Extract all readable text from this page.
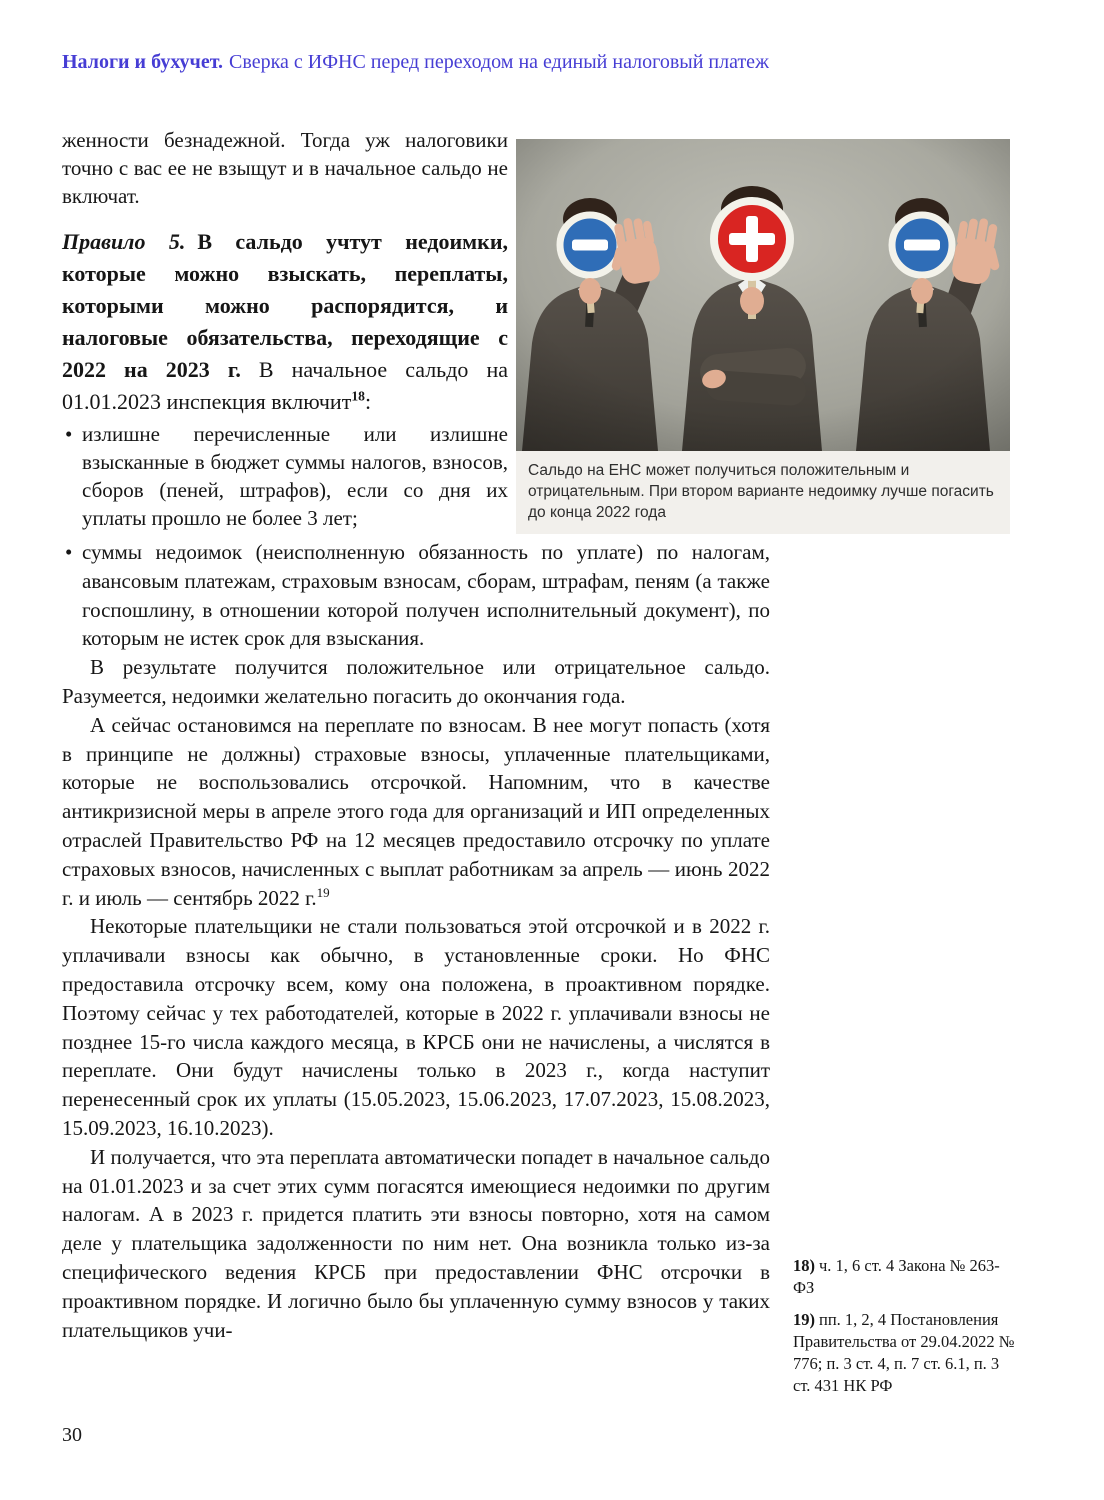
Налоги и бухучет. Сверка с ИФНС перед переходом на единый налоговый платеж

женности безнадежной. Тогда уж налоговики точно с вас ее не взыщут и в начальное сальдо не включат.

Правило 5. В сальдо учтут недоимки, которые можно взыскать, переплаты, которыми можно распорядится, и налоговые обязательства, переходящие с 2022 на 2023 г. В начальное сальдо на 01.01.2023 инспекция включит$^{18}$:

• излишне перечисленные или излишне взысканные в бюджет суммы налогов, взносов, сборов (пеней, штрафов), если со дня их уплаты прошло не более 3 лет;

Сальдо на ЕНС может получиться положительным и отрицательным. При втором варианте недоимку лучше погасить до конца 2022 года

• суммы недоимок (неисполненную обязанность по уплате) по налогам, авансовым платежам, страховым взносам, сборам, штрафам, пеням (а также госпошлину, в отношении которой получен исполнительный документ), по которым не истек срок для взыскания.

В результате получится положительное или отрицательное сальдо. Разумеется, недоимки желательно погасить до окончания года.

А сейчас остановимся на переплате по взносам. В нее могут попасть (хотя в принципе не должны) страховые взносы, уплаченные плательщиками, которые не воспользовались отсрочкой. Напомним, что в качестве антикризисной меры в апреле этого года для организаций и ИП определенных отраслей Правительство РФ на 12 месяцев предоставило отсрочку по уплате страховых взносов, начисленных с выплат работникам за апрель — июнь 2022 г. и июль — сентябрь 2022 г.$^{19}$

Некоторые плательщики не стали пользоваться этой отсрочкой и в 2022 г. уплачивали взносы как обычно, в установленные сроки. Но ФНС предоставила отсрочку всем, кому она положена, в проактивном порядке. Поэтому сейчас у тех работодателей, которые в 2022 г. уплачивали взносы не позднее 15-го числа каждого месяца, в КРСБ они не начислены, а числятся в переплате. Они будут начислены только в 2023 г., когда наступит перенесенный срок их уплаты (15.05.2023, 15.06.2023, 17.07.2023, 15.08.2023, 15.09.2023, 16.10.2023).

И получается, что эта переплата автоматически попадет в начальное сальдо на 01.01.2023 и за счет этих сумм погасятся имеющиеся недоимки по другим налогам. А в 2023 г. придется платить эти взносы повторно, хотя на самом деле у плательщика задолженности по ним нет. Она возникла только из-за специфического ведения КРСБ при предоставлении ФНС отсрочки в проактивном порядке. И логично было бы уплаченную сумму взносов у таких плательщиков учи-

18) ч. 1, 6 ст. 4 Закона № 263-ФЗ

19) пп. 1, 2, 4 Постановления Правительства от 29.04.2022 № 776; п. 3 ст. 4, п. 7 ст. 6.1, п. 3 ст. 431 НК РФ

30
